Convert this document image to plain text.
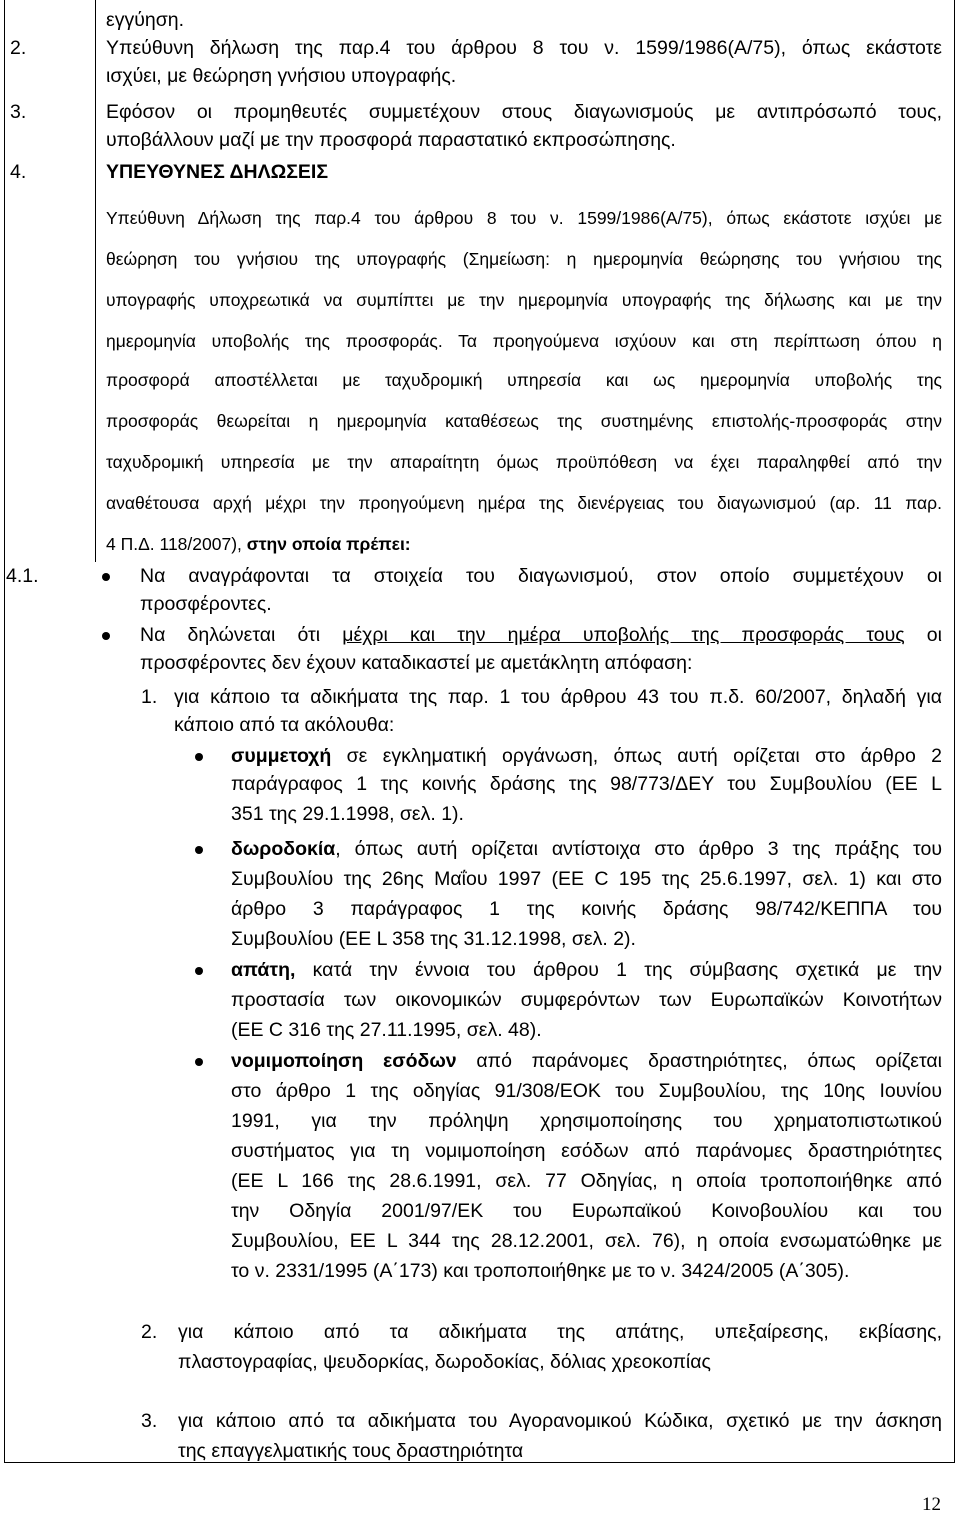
εγγύηση.
2.	Υπεύθυνη δήλωση της παρ.4 του άρθρου 8 του ν. 1599/1986(Α/75), όπως εκάστοτε
ισχύει, με θεώρηση γνήσιου υπογραφής.
3.	Εφόσον οι προμηθευτές συμμετέχουν στους διαγωνισμούς με αντιπρόσωπό τους,
υποβάλλουν μαζί με την προσφορά παραστατικό εκπροσώπησης.
4.	ΥΠΕΥΘΥΝΕΣ ΔΗΛΩΣΕΙΣ
Υπεύθυνη Δήλωση της παρ.4 του άρθρου 8 του ν. 1599/1986(Α/75), όπως εκάστοτε ισχύει με
θεώρηση του γνήσιου της υπογραφής (Σημείωση: η ημερομηνία θεώρησης του γνήσιου της
υπογραφής υποχρεωτικά να συμπίπτει με την ημερομηνία υπογραφής της δήλωσης και με την
ημερομηνία υποβολής της προσφοράς. Τα προηγούμενα ισχύουν και στη περίπτωση όπου η
προσφορά αποστέλλεται με ταχυδρομική υπηρεσία και ως ημερομηνία υποβολής της
προσφοράς θεωρείται η ημερομηνία καταθέσεως της συστημένης επιστολής-προσφοράς στην
ταχυδρομική υπηρεσία με την απαραίτητη όμως προϋπόθεση να έχει παραληφθεί από την
αναθέτουσα αρχή μέχρι την προηγούμενη ημέρα της διενέργειας του διαγωνισμού (αρ. 11 παρ.
4 Π.Δ. 118/2007), στην οποία πρέπει:
4.1.	Να αναγράφονται τα στοιχεία του διαγωνισμού, στον οποίο συμμετέχουν οι
προσφέροντες.
Να δηλώνεται ότι μέχρι και την ημέρα υποβολής της προσφοράς τους οι
προσφέροντες δεν έχουν καταδικαστεί με αμετάκλητη απόφαση:
1. για κάποιο τα αδικήματα της παρ. 1 του άρθρου 43 του π.δ. 60/2007, δηλαδή για
κάποιο από τα ακόλουθα:
συμμετοχή σε εγκληματική οργάνωση, όπως αυτή ορίζεται στο άρθρο 2
παράγραφος 1 της κοινής δράσης της 98/773/ΔΕΥ του Συμβουλίου (ΕΕ L
351 της 29.1.1998, σελ. 1).
δωροδοκία, όπως αυτή ορίζεται αντίστοιχα στο άρθρο 3 της πράξης του
Συμβουλίου της 26ης Μαΐου 1997 (ΕΕ C 195 της 25.6.1997, σελ. 1) και στο
άρθρο 3 παράγραφος 1 της κοινής δράσης 98/742/ΚΕΠΠΑ του
Συμβουλίου (ΕΕ L 358 της 31.12.1998, σελ. 2).
απάτη, κατά την έννοια του άρθρου 1 της σύμβασης σχετικά με την
προστασία των οικονομικών συμφερόντων των Ευρωπαϊκών Κοινοτήτων
(ΕΕ C 316 της 27.11.1995, σελ. 48).
νομιμοποίηση εσόδων από παράνομες δραστηριότητες, όπως ορίζεται
στο άρθρο 1 της οδηγίας 91/308/ΕΟΚ του Συμβουλίου, της 10ης Ιουνίου
1991, για την πρόληψη χρησιμοποίησης του χρηματοπιστωτικού
συστήματος για τη νομιμοποίηση εσόδων από παράνομες δραστηριότητες
(ΕΕ L 166 της 28.6.1991, σελ. 77 Οδηγίας, η οποία τροποποιήθηκε από
την Οδηγία 2001/97/ΕΚ του Ευρωπαϊκού Κοινοβουλίου και του
Συμβουλίου, ΕΕ L 344 της 28.12.2001, σελ. 76), η οποία ενσωματώθηκε με
το ν. 2331/1995 (Α΄173) και τροποποιήθηκε με το ν. 3424/2005 (Α΄305).
2. για κάποιο από τα αδικήματα της απάτης, υπεξαίρεσης, εκβίασης,
πλαστογραφίας, ψευδορκίας, δωροδοκίας, δόλιας χρεοκοπίας
3. για κάποιο από τα αδικήματα του Αγορανομικού Κώδικα, σχετικό με την άσκηση
της επαγγελματικής τους δραστηριότητα
12
